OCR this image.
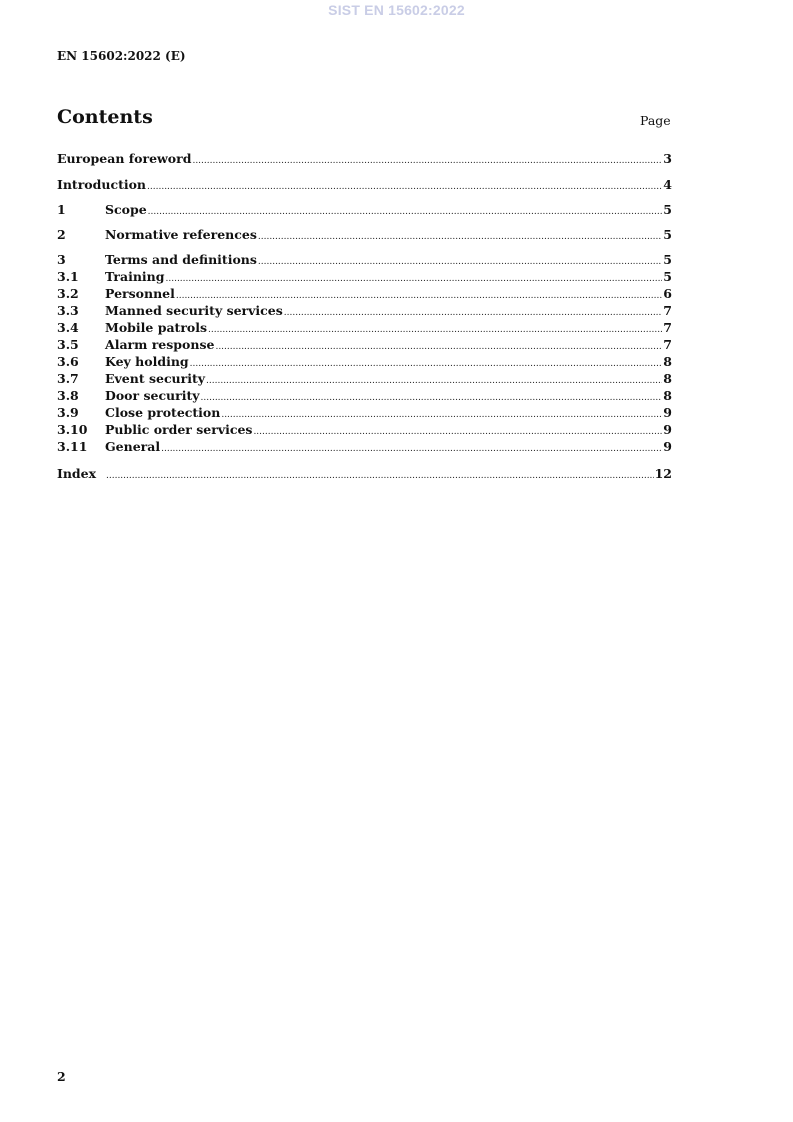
SIST EN 15602:2022
EN 15602:2022 (E)
Contents	Page
European foreword .....	3
Introduction .....	4
1	Scope .....	5
2	Normative references .....	5
3	Terms and definitions .....	5
3.1	Training .....	5
3.2	Personnel .....	6
3.3	Manned security services .....	7
3.4	Mobile patrols .....	7
3.5	Alarm response .....	7
3.6	Key holding .....	8
3.7	Event security .....	8
3.8	Door security .....	8
3.9	Close protection .....	9
3.10	Public order services .....	9
3.11	General .....	9
Index .....	12
2
